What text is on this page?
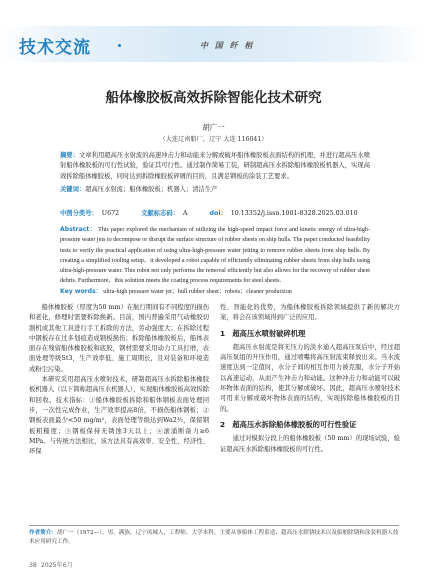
技术交流	中 国 纤 桓
船体橡胶板高效拆除智能化技术研究
胡广一
（大连辽南船厂，辽宁 大连 116041）
摘要：文章利用超高压水射流的高速冲击力和动能来分解或破坏船体橡胶板表面结构的机理，并进行超高压水喷射船体橡胶板的可行性试验，验证其可行性。通过制作简易工装，研制超高压水拆除船体橡胶板机器人，实现高效拆除船体橡胶板，同时达到拆除橡胶板碎屑的目的，且满足钢板的涂装工艺要求。
关键词：超高压水射流；船体橡胶板；机器人；清洁生产
中图分类号： U672	文献标志码： A	doi： 10.13352/j.issn.1001-8328.2025.03.010
Abstract： This paper explored the mechanism of utilizing the high-speed impact force and kinetic energy of ultra-high-pressure water jets to decompose or disrupt the surface structure of rubber sheets on ship hulls. The paper conducted feasibility tests to verify the practical application of using ultra-high-pressure water jetting to remove rubber sheets from ship hulls. By creating a simplified tooling setup，it developed a robot capable of efficiently eliminating rubber sheets from ship hulls using ultra-high-pressure water. This robot not only performs the removal efficiently but also allows for the recovery of rubber sheet debris. Furthermore，this solution meets the coating process requirements for steel sheets.
Key words： ultra-high pressure water jet；hull rubber sheet；robots；cleaner production

船体橡胶板（厚度为50 mm）在航行期间有不同程度的损伤和老化，修理时需要拆除换新。目前，国内普遍采用气动橡胶切割机或其他工具进行手工拆除的方法，劳动强度大；在拆除过程中钢板存在过多划痕造成钢板损伤；拆除船体橡胶板后，船体表面存在残留船体橡胶板和底胶，钢材需要采用动力工具打磨，表面处理等级St3，生产效率低、施工周期长，且对装备和环境造成粉尘污染。

本研究采用超高压水喷射技术，研制超高压水拆除船体橡胶板机器人（以下简称超高压水机器人），实现船体橡胶板高效拆除和回收。技术指标：①船体橡胶板拆除和船体钢板表面处理同步，一次性完成作业，生产效率提高8倍，不损伤船体钢板；②钢板表面最少<50 mg/m²，表面处理等级达到Wa2½，保留钢板粗糙度；③钢板保持无锈蚀3天以上；④滚涌断备力≥6 MPa。与传统方法相比，该方法具有高效率、安全性、经济性、环保

性、智能化的优势，为船体橡胶板拆除领域提供了新的解决方案，将会在该领域得到广泛的应用。

1　超高压水喷射破碎机理

超高压水射流是将无压力的淡水通入超高压泵后中，经过超高压泵组的升压作用，通过喷嘴将高压射流束释放出来。当水流速度达到一定值时，水分子间的相互作用力被克服，水分子开始以高速运动，从而产生冲击力和动能。这种冲击力和动能可以破坏物体表面的结构，使其分解或破坏。因此，超高压水喷射技术可用来分解或破坏物体表面的结构，实现拆除船体橡胶板的目的。

2　超高压水拆除船体橡胶板的可行性验证

通过对模拟分段上的船体橡胶板（50 mm）的现场试验，验证超高压水拆除船体橡胶板的可行性。

作者简介：胡广一（1972—），男，满族，辽宁凤城人，工程师，大学本科，主要从事船体工程监造、超高压水除锈技术以及船舶除锈和涂装机器人技术应用研究工作。
38 2025年6月
